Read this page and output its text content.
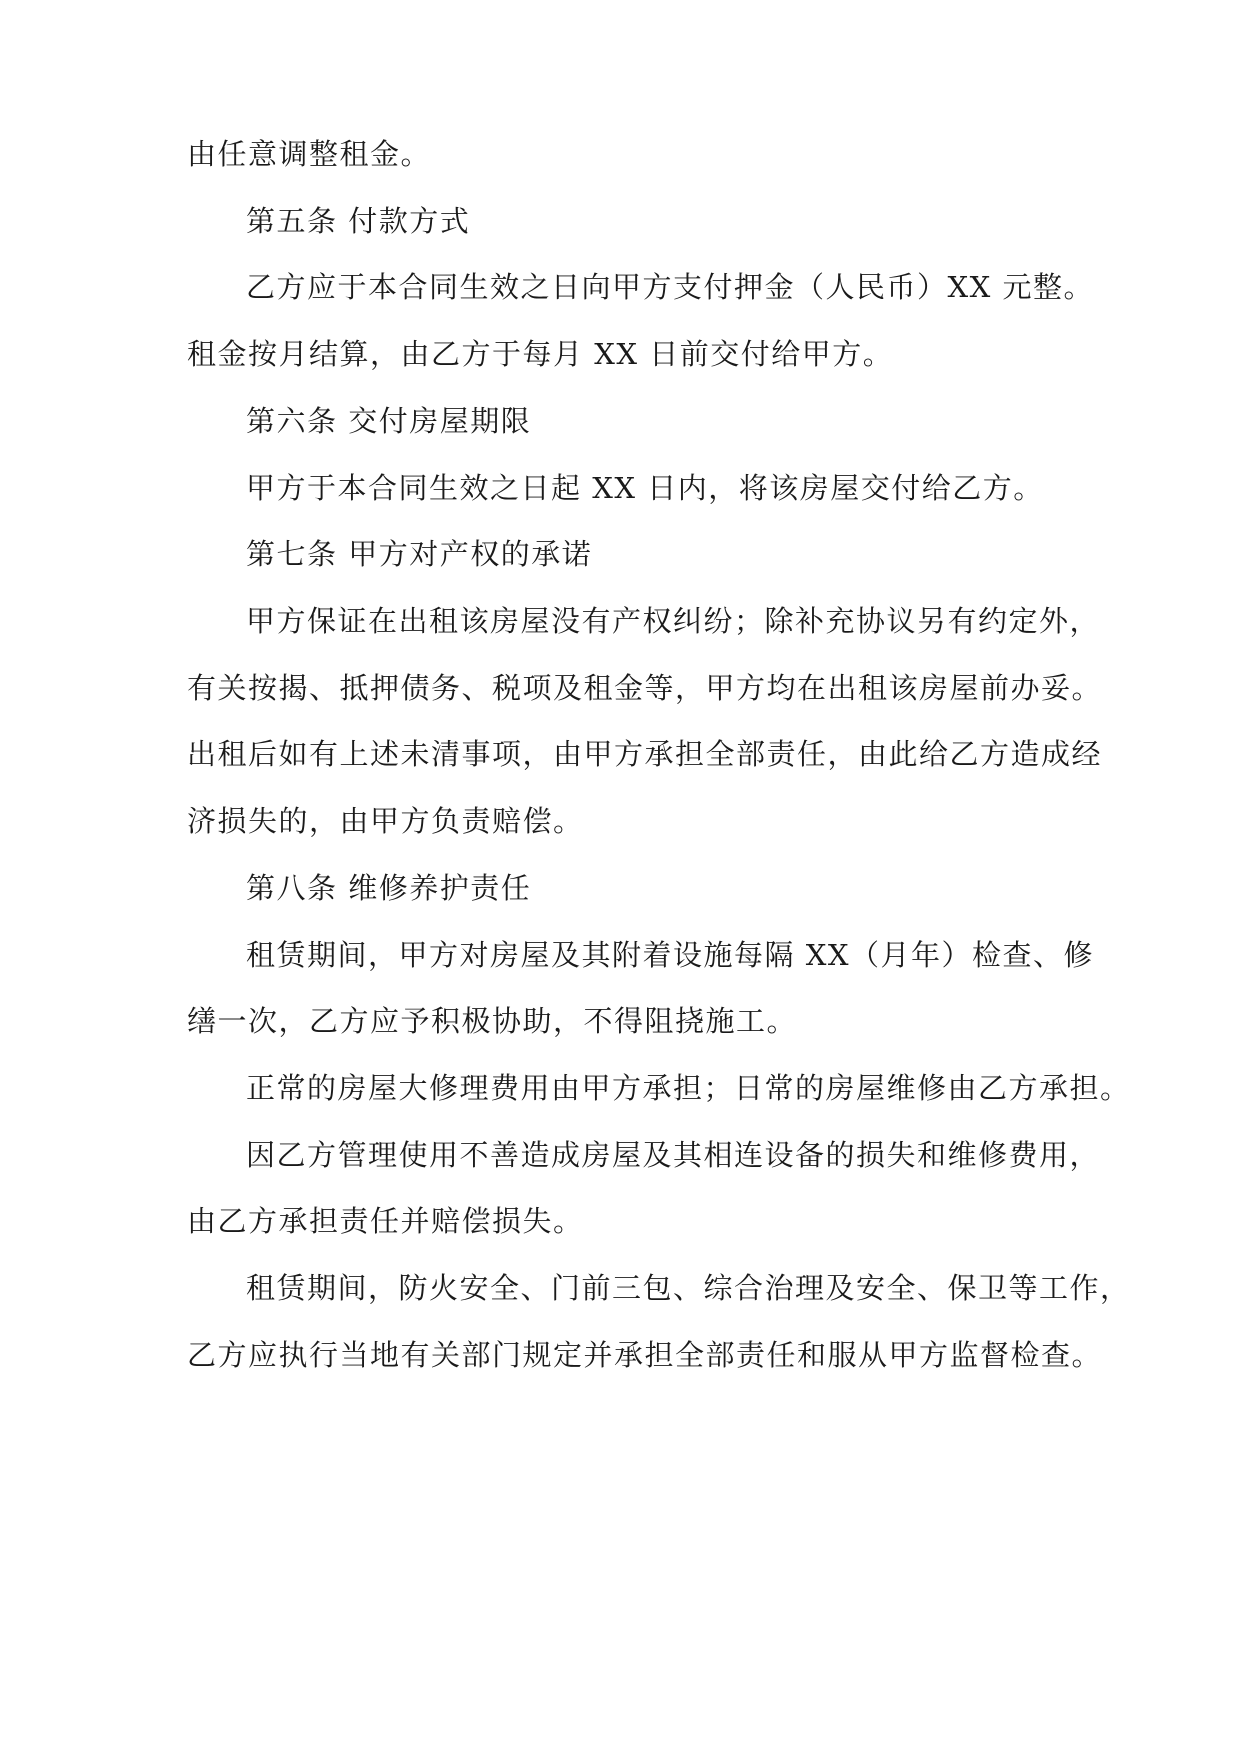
由任意调整租金。
第五条 付款方式
乙方应于本合同生效之日向甲方支付押金（人民币）XX 元整。
租金按月结算，由乙方于每月 XX 日前交付给甲方。
第六条 交付房屋期限
甲方于本合同生效之日起 XX 日内，将该房屋交付给乙方。
第七条 甲方对产权的承诺
甲方保证在出租该房屋没有产权纠纷；除补充协议另有约定外，
有关按揭、抵押债务、税项及租金等，甲方均在出租该房屋前办妥。
出租后如有上述未清事项，由甲方承担全部责任，由此给乙方造成经
济损失的，由甲方负责赔偿。
第八条 维修养护责任
租赁期间，甲方对房屋及其附着设施每隔 XX（月年）检查、修
缮一次，乙方应予积极协助，不得阻挠施工。
正常的房屋大修理费用由甲方承担；日常的房屋维修由乙方承担。
因乙方管理使用不善造成房屋及其相连设备的损失和维修费用，
由乙方承担责任并赔偿损失。
租赁期间，防火安全、门前三包、综合治理及安全、保卫等工作，
乙方应执行当地有关部门规定并承担全部责任和服从甲方监督检查。
